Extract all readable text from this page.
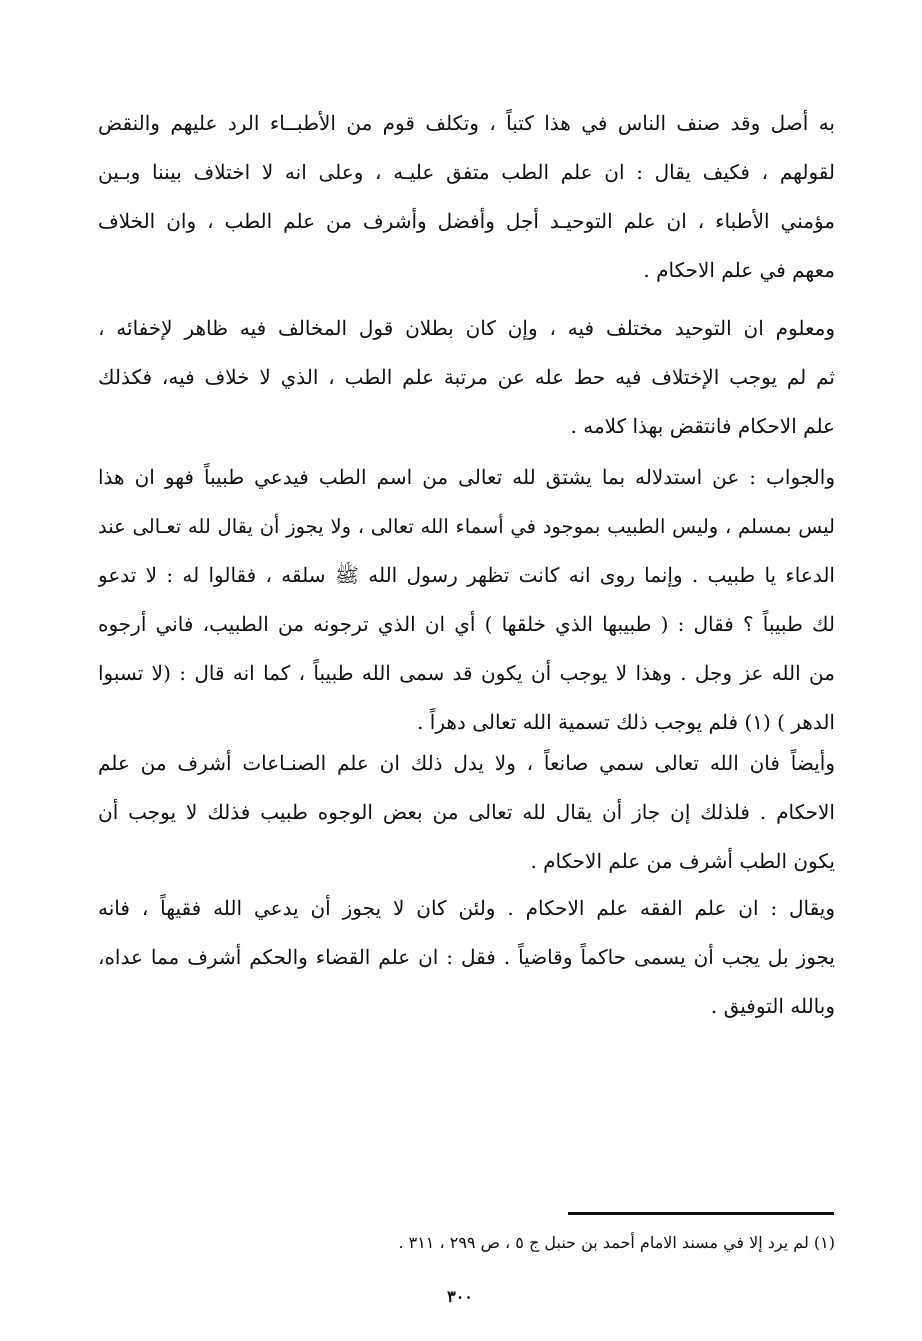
به أصل وقد صنف الناس في هذا كتباً ، وتكلف قوم من الأطبــاء الرد عليهم والنقض
لقولهم ، فكيف يقال : ان علم الطب متفق عليـه ، وعلى انه لا اختلاف بيننا وبـين
مؤمني الأطباء ، ان علم التوحيـد أجل وأفضل وأشرف من علم الطب ، وان الخلاف
معهم في علم الاحكام .
ومعلوم ان التوحيد مختلف فيه ، وإن كان بطلان قول المخالف فيه ظاهر لإخفائه ،
ثم لم يوجب الإختلاف فيه حط عله عن مرتبة علم الطب ، الذي لا خلاف فيه، فكذلك
علم الاحكام فانتقض بهذا كلامه .
والجواب : عن استدلاله بما يشتق لله تعالى من اسم الطب فيدعي طبيباً فهو ان هذا
ليس بمسلم ، وليس الطبيب بموجود في أسماء الله تعالى ، ولا يجوز أن يقال لله تعـالى عند
الدعاء يا طبيب . وإنما روى انه كانت تظهر رسول الله ﷺ سلقه ، فقالوا له : لا تدعو
لك طبيباً ؟ فقال : ( طبيبها الذي خلقها ) أي ان الذي ترجونه من الطبيب، فاني أرجوه
من الله عز وجل . وهذا لا يوجب أن يكون قد سمى الله طبيباً ، كما انه قال : (لا تسبوا
الدهر ) (١) فلم يوجب ذلك تسمية الله تعالى دهراً .
وأيضاً فان الله تعالى سمي صانعاً ، ولا يدل ذلك ان علم الصنـاعات أشرف من علم
الاحكام . فلذلك إن جاز أن يقال لله تعالى من بعض الوجوه طبيب فذلك لا يوجب أن
يكون الطب أشرف من علم الاحكام .
ويقال : ان علم الفقه علم الاحكام . ولئن كان لا يجوز أن يدعي الله فقيهاً ، فانه
يجوز بل يجب أن يسمى حاكماً وقاضياً . فقل : ان علم القضاء والحكم أشرف مما عداه،
وبالله التوفيق .
(١) لم يرد إلا في مسند الامام أحمد بن حنبل ج ٥ ، ص ٢٩٩ ، ٣١١ .
٣٠٠
